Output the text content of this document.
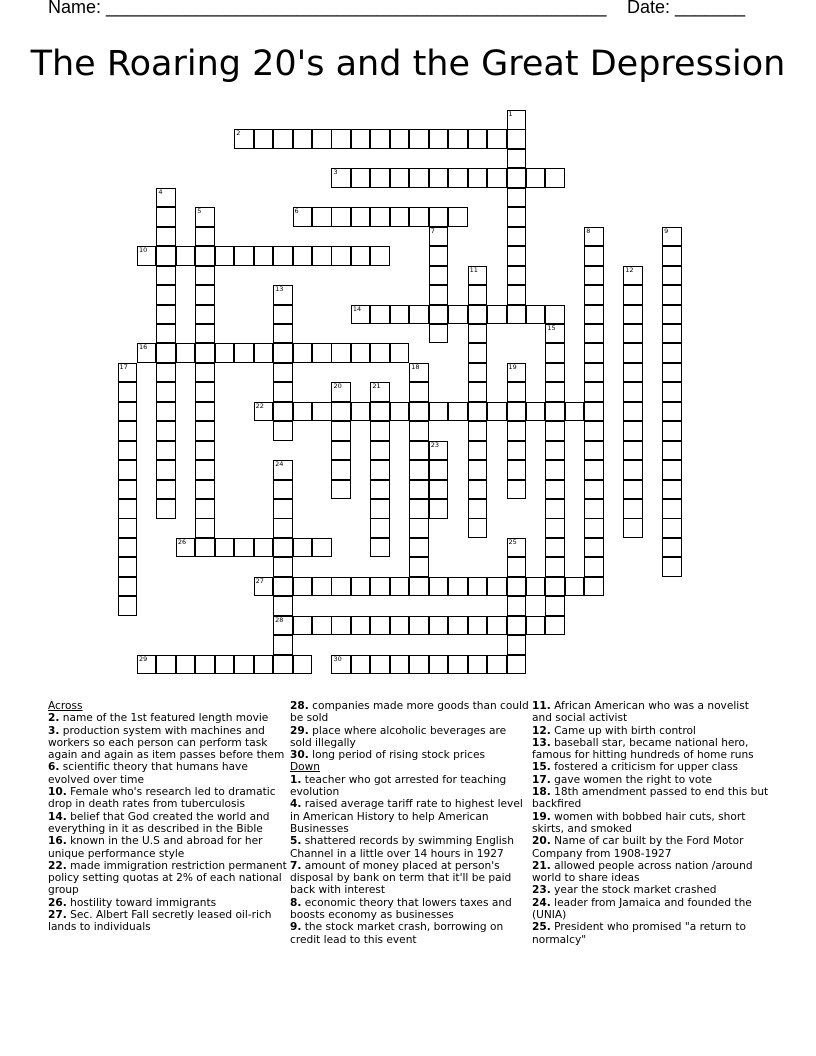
Name: __________________________________________________ Date: _______
The Roaring 20's and the Great Depression
2
3
6
10
14
16
22
26
27
28
29	30
1
4
5
7	8	9
11	12
13
15
17	18	19
20	21
23
24
25
Across
2. name of the 1st featured length movie
3. production system with machines and workers so each person can perform task again and again as item passes before them
6. scientific theory that humans have evolved over time
10. Female who's research led to dramatic drop in death rates from tuberculosis
14. belief that God created the world and everything in it as described in the Bible
16. known in the U.S and abroad for her unique performance style
22. made immigration restriction permanent policy setting quotas at 2% of each national group
26. hostility toward immigrants
27. Sec. Albert Fall secretly leased oil-rich lands to individuals
28. companies made more goods than could be sold
29. place where alcoholic beverages are sold illegally
30. long period of rising stock prices
Down
1. teacher who got arrested for teaching evolution
4. raised average tariff rate to highest level in American History to help American Businesses
5. shattered records by swimming English Channel in a little over 14 hours in 1927
7. amount of money placed at person's disposal by bank on term that it'll be paid back with interest
8. economic theory that lowers taxes and boosts economy as businesses
9. the stock market crash, borrowing on credit lead to this event
11. African American who was a novelist and social activist
12. Came up with birth control
13. baseball star, became national hero, famous for hitting hundreds of home runs
15. fostered a criticism for upper class
17. gave women the right to vote
18. 18th amendment passed to end this but backfired
19. women with bobbed hair cuts, short skirts, and smoked
20. Name of car built by the Ford Motor Company from 1908-1927
21. allowed people across nation /around world to share ideas
23. year the stock market crashed
24. leader from Jamaica and founded the (UNIA)
25. President who promised "a return to normalcy"
